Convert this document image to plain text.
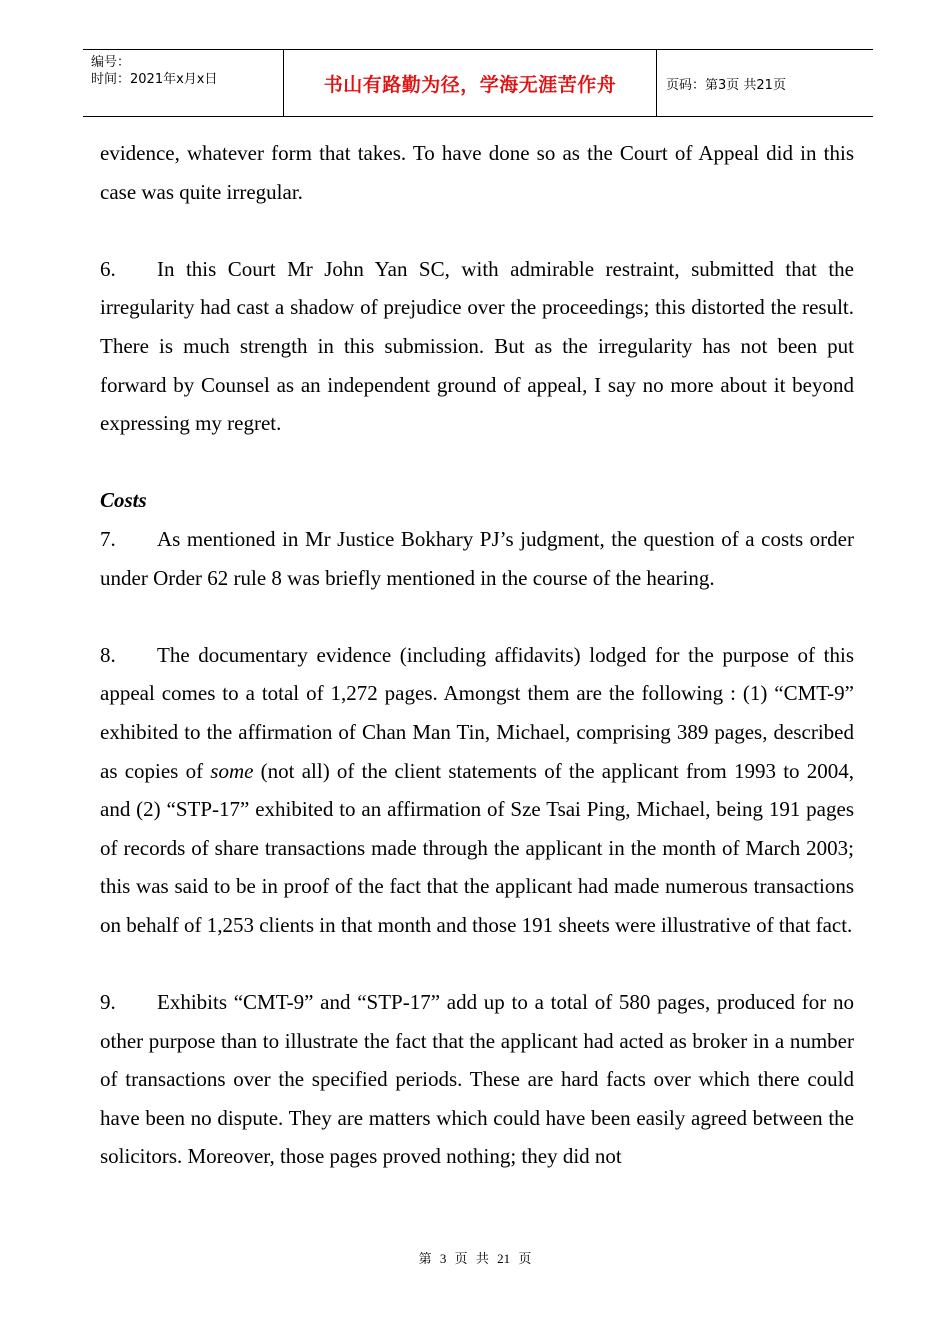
编号：
时间：2021年x月x日	书山有路勤为径，学海无涯苦作舟	页码：第3页 共21页

evidence, whatever form that takes. To have done so as the Court of Appeal did in this case was quite irregular.

6. In this Court Mr John Yan SC, with admirable restraint, submitted that the irregularity had cast a shadow of prejudice over the proceedings; this distorted the result. There is much strength in this submission. But as the irregularity has not been put forward by Counsel as an independent ground of appeal, I say no more about it beyond expressing my regret.

Costs

7. As mentioned in Mr Justice Bokhary PJ’s judgment, the question of a costs order under Order 62 rule 8 was briefly mentioned in the course of the hearing.

8. The documentary evidence (including affidavits) lodged for the purpose of this appeal comes to a total of 1,272 pages. Amongst them are the following : (1) “CMT-9” exhibited to the affirmation of Chan Man Tin, Michael, comprising 389 pages, described as copies of some (not all) of the client statements of the applicant from 1993 to 2004, and (2) “STP-17” exhibited to an affirmation of Sze Tsai Ping, Michael, being 191 pages of records of share transactions made through the applicant in the month of March 2003; this was said to be in proof of the fact that the applicant had made numerous transactions on behalf of 1,253 clients in that month and those 191 sheets were illustrative of that fact.

9. Exhibits “CMT-9” and “STP-17” add up to a total of 580 pages, produced for no other purpose than to illustrate the fact that the applicant had acted as broker in a number of transactions over the specified periods. These are hard facts over which there could have been no dispute. They are matters which could have been easily agreed between the solicitors. Moreover, those pages proved nothing; they did not

第 3 页 共 21 页
